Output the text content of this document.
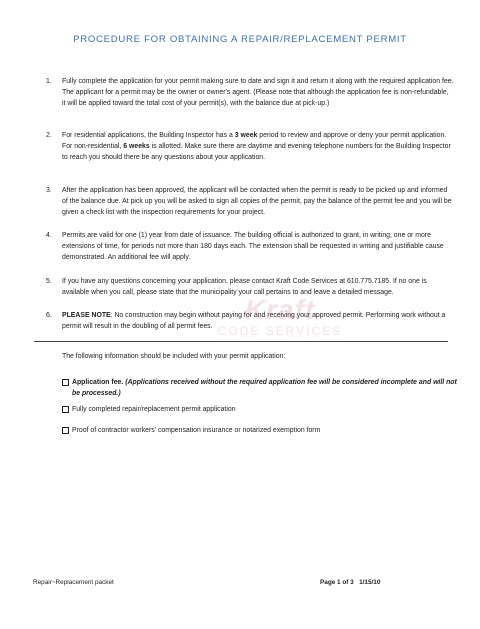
PROCEDURE FOR OBTAINING A REPAIR/REPLACEMENT PERMIT
1. Fully complete the application for your permit making sure to date and sign it and return it along with the required application fee. The applicant for a permit may be the owner or owner's agent. (Please note that although the application fee is non-refundable, it will be applied toward the total cost of your permit(s), with the balance due at pick-up.)
2. For residential applications, the Building Inspector has a 3 week period to review and approve or deny your permit application. For non-residential, 6 weeks is allotted. Make sure there are daytime and evening telephone numbers for the Building Inspector to reach you should there be any questions about your application.
3. After the application has been approved, the applicant will be contacted when the permit is ready to be picked up and informed of the balance due. At pick up you will be asked to sign all copies of the permit, pay the balance of the permit fee and you will be given a check list with the inspection requirements for your project.
4. Permits are valid for one (1) year from date of issuance. The building official is authorized to grant, in writing, one or more extensions of time, for periods not more than 180 days each. The extension shall be requested in writing and justifiable cause demonstrated. An additional fee will apply.
5. If you have any questions concerning your application, please contact Kraft Code Services at 610.775.7185. If no one is available when you call, please state that the municipality your call pertains to and leave a detailed message.
6. PLEASE NOTE: No construction may begin without paying for and receiving your approved permit. Performing work without a permit will result in the doubling of all permit fees.
Kraft
CODE SERVICES
The following information should be included with your permit application:
Application fee. (Applications received without the required application fee will be considered incomplete and will not be processed.)
Fully completed repair/replacement permit application
Proof of contractor workers' compensation insurance or notarized exemption form
Repair~Replacement packet	Page 1 of 3 1/15/10
